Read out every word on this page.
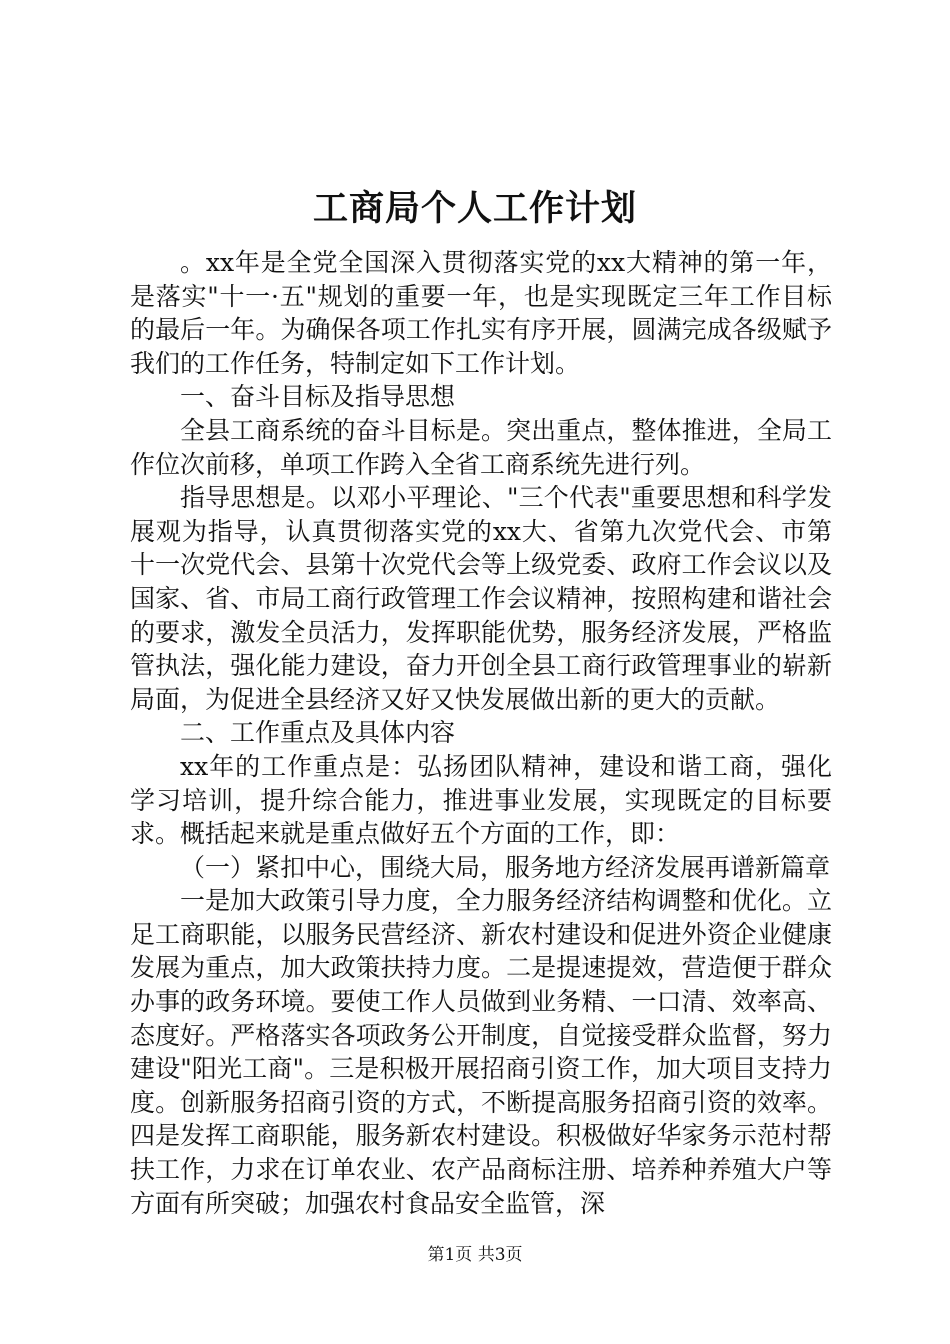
工商局个人工作计划

。xx年是全党全国深入贯彻落实党的xx大精神的第一年，是落实"十一·五"规划的重要一年，也是实现既定三年工作目标的最后一年。为确保各项工作扎实有序开展，圆满完成各级赋予我们的工作任务，特制定如下工作计划。

一、奋斗目标及指导思想

全县工商系统的奋斗目标是。突出重点，整体推进，全局工作位次前移，单项工作跨入全省工商系统先进行列。

指导思想是。以邓小平理论、"三个代表"重要思想和科学发展观为指导，认真贯彻落实党的xx大、省第九次党代会、市第十一次党代会、县第十次党代会等上级党委、政府工作会议以及国家、省、市局工商行政管理工作会议精神，按照构建和谐社会的要求，激发全员活力，发挥职能优势，服务经济发展，严格监管执法，强化能力建设，奋力开创全县工商行政管理事业的崭新局面，为促进全县经济又好又快发展做出新的更大的贡献。

二、工作重点及具体内容

xx年的工作重点是：弘扬团队精神，建设和谐工商，强化学习培训，提升综合能力，推进事业发展，实现既定的目标要求。概括起来就是重点做好五个方面的工作，即：

（一）紧扣中心，围绕大局，服务地方经济发展再谱新篇章

一是加大政策引导力度，全力服务经济结构调整和优化。立足工商职能，以服务民营经济、新农村建设和促进外资企业健康发展为重点，加大政策扶持力度。二是提速提效，营造便于群众办事的政务环境。要使工作人员做到业务精、一口清、效率高、态度好。严格落实各项政务公开制度，自觉接受群众监督，努力建设"阳光工商"。三是积极开展招商引资工作，加大项目支持力度。创新服务招商引资的方式，不断提高服务招商引资的效率。四是发挥工商职能，服务新农村建设。积极做好华家务示范村帮扶工作，力求在订单农业、农产品商标注册、培养种养殖大户等方面有所突破；加强农村食品安全监管，深

第1页 共3页
